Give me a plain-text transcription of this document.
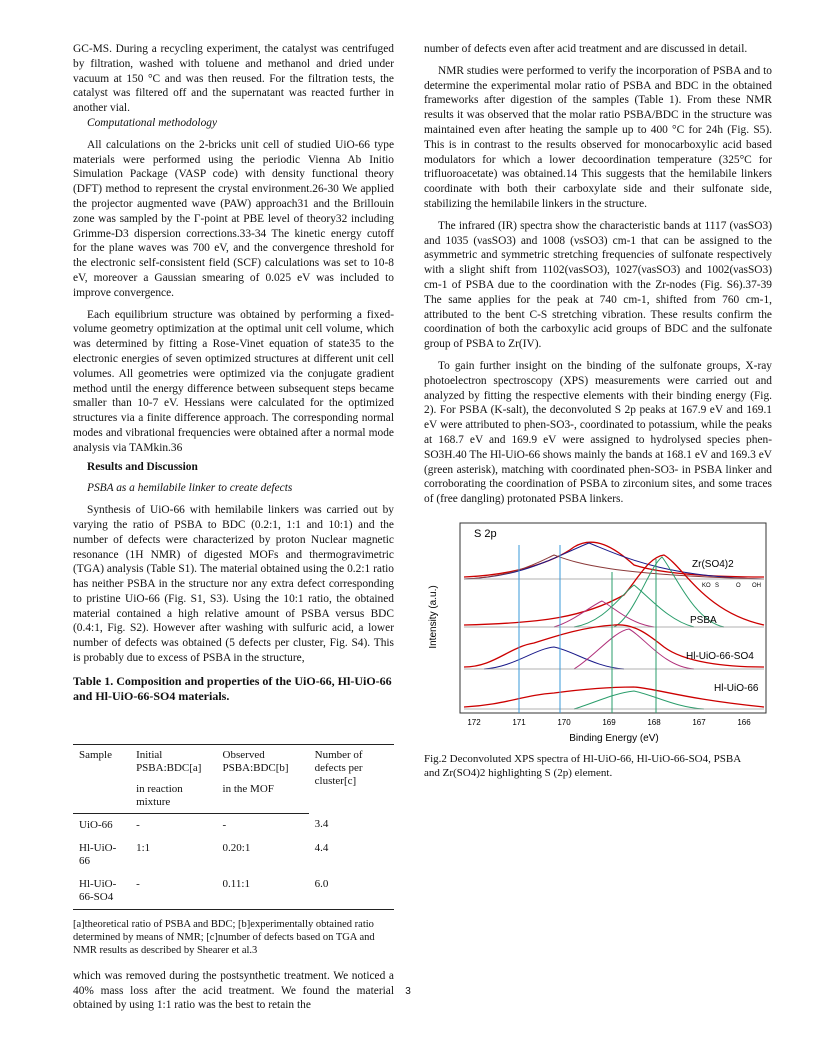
GC-MS. During a recycling experiment, the catalyst was centrifuged by filtration, washed with toluene and methanol and dried under vacuum at 150 °C and was then reused. For the filtration tests, the catalyst was filtered off and the supernatant was reacted further in another vial.

Computational methodology

All calculations on the 2-bricks unit cell of studied UiO-66 type materials were performed using the periodic Vienna Ab Initio Simulation Package (VASP code) with density functional theory (DFT) method to represent the crystal environment.26-30 We applied the projector augmented wave (PAW) approach31 and the Brillouin zone was sampled by the Γ-point at PBE level of theory32 including Grimme-D3 dispersion corrections.33-34 The kinetic energy cutoff for the plane waves was 700 eV, and the convergence threshold for the electronic self-consistent field (SCF) calculations was set to 10-8 eV, moreover a Gaussian smearing of 0.025 eV was included to improve convergence.

Each equilibrium structure was obtained by performing a fixed-volume geometry optimization at the optimal unit cell volume, which was determined by fitting a Rose-Vinet equation of state35 to the electronic energies of seven optimized structures at different unit cell volumes. All geometries were optimized via the conjugate gradient method until the energy difference between subsequent steps became smaller than 10-7 eV. Hessians were calculated for the optimized structures via a finite difference approach. The corresponding normal modes and vibrational frequencies were obtained after a normal mode analysis via TAMkin.36

Results and Discussion

PSBA as a hemilabile linker to create defects

Synthesis of UiO-66 with hemilabile linkers was carried out by varying the ratio of PSBA to BDC (0.2:1, 1:1 and 10:1) and the number of defects were characterized by proton Nuclear magnetic resonance (1H NMR) of digested MOFs and thermogravimetric (TGA) analysis (Table S1). The material obtained using the 0.2:1 ratio has neither PSBA in the structure nor any extra defect corresponding to pristine UiO-66 (Fig. S1, S3). Using the 10:1 ratio, the obtained material contained a high relative amount of PSBA versus BDC (0.4:1, Fig. S2). However after washing with sulfuric acid, a lower number of defects was obtained (5 defects per cluster, Fig. S4). This is probably due to excess of PSBA in the structure,

Table 1. Composition and properties of the UiO-66, Hl-UiO-66 and Hl-UiO-66-SO4 materials.

Sample	Initial PSBA:BDC[a]	Observed PSBA:BDC[b]	Number of defects per cluster[c]
	in reaction mixture	in the MOF	
UiO-66	-	-	3.4
Hl-UiO-66	1:1	0.20:1	4.4
Hl-UiO-66-SO4	-	0.11:1	6.0

[a]theoretical ratio of PSBA and BDC; [b]experimentally obtained ratio determined by means of NMR; [c]number of defects based on TGA and NMR results as described by Shearer et al.3

which was removed during the postsynthetic treatment. We noticed a 40% mass loss after the acid treatment. We found the material obtained by using 1:1 ratio was the best to retain the

number of defects even after acid treatment and are discussed in detail.

NMR studies were performed to verify the incorporation of PSBA and to determine the experimental molar ratio of PSBA and BDC in the obtained frameworks after digestion of the samples (Table 1). From these NMR results it was observed that the molar ratio PSBA/BDC in the structure was maintained even after heating the sample up to 400 °C for 24h (Fig. S5). This is in contrast to the results observed for monocarboxylic acid based modulators for which a lower decoordination temperature (325°C for trifluoroacetate) was obtained.14 This suggests that the hemilabile linkers coordinate with both their carboxylate side and their sulfonate side, stabilizing the hemilabile linkers in the structure.

The infrared (IR) spectra show the characteristic bands at 1117 (νasSO3) and 1035 (νasSO3) and 1008 (νsSO3) cm-1 that can be assigned to the asymmetric and symmetric stretching frequencies of sulfonate respectively with a slight shift from 1102(νasSO3), 1027(νasSO3) and 1002(νasSO3) cm-1 of PSBA due to the coordination with the Zr-nodes (Fig. S6).37-39 The same applies for the peak at 740 cm-1, shifted from 760 cm-1, attributed to the bent C-S stretching vibration. These results confirm the coordination of both the carboxylic acid groups of BDC and the sulfonate group of PSBA to Zr(IV).

To gain further insight on the binding of the sulfonate groups, X-ray photoelectron spectroscopy (XPS) measurements were carried out and analyzed by fitting the respective elements with their binding energy (Fig. 2). For PSBA (K-salt), the deconvoluted S 2p peaks at 167.9 eV and 169.1 eV were attributed to phen-SO3-, coordinated to potassium, while the peaks at 168.7 eV and 169.9 eV were assigned to hydrolysed species phen-SO3H.40 The Hl-UiO-66 shows mainly the bands at 168.1 eV and 169.3 eV (green asterisk), matching with coordinated phen-SO3- in PSBA linker and corroborating the coordination of PSBA to zirconium sites, and some traces of (free dangling) protonated PSBA linkers.

Intensity (a.u.)
S 2p
Zr(SO4)2
PSBA
KO S	O OH
Hl-UiO-66-SO4
Hl-UiO-66
172	171	170	169	168	167	166
Binding Energy (eV)

Fig.2 Deconvoluted XPS spectra of Hl-UiO-66, Hl-UiO-66-SO4, PSBA and Zr(SO4)2 highlighting S (2p) element.

3
